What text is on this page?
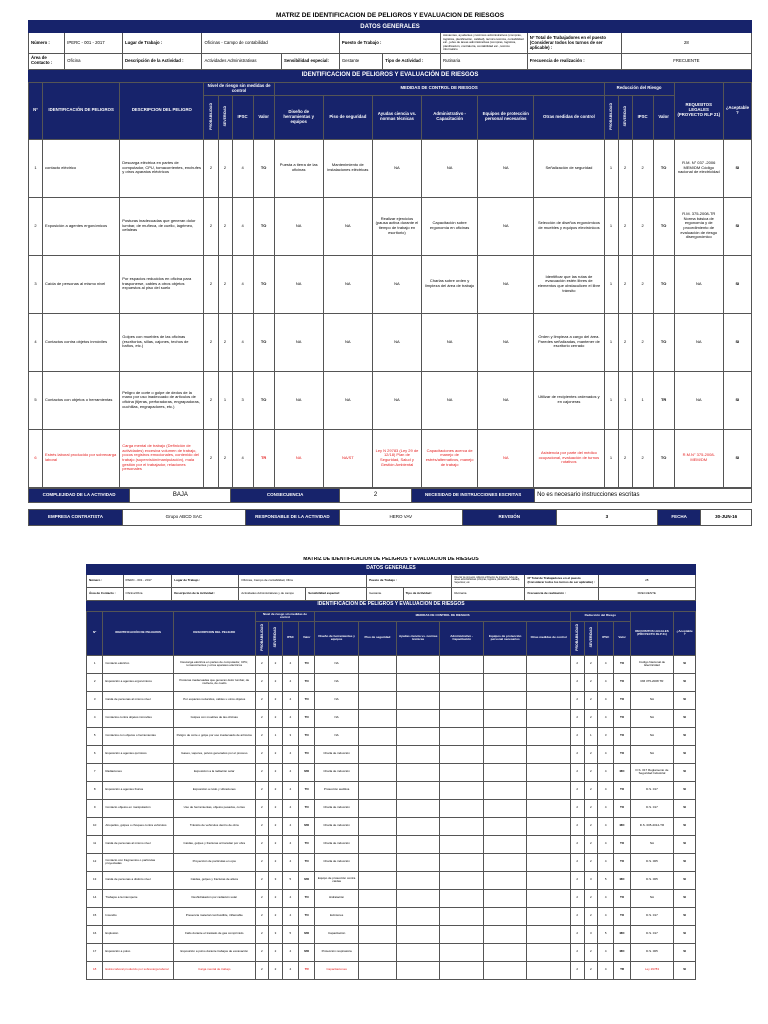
MATRIZ DE IDENTIFICACION DE PELIGROS Y EVALUACION DE RIESGOS									
DATOS GENERALES									
Número :	IPERC - 001 - 2017	Lugar de Trabajo :	Oficinas - Campo de contabilidad		Puesto de Trabajo :		Asistentes, ayudantes y técnicos administrativos (compras, logística, planificación, calidad), técnico técnica, contabilidad etc., jefes de áreas administrativas (compras, logística, planificación, contraloría, contabilidad etc., técnico informático	Nº Total de Trabajadores en el puesto (Considerar todos los turnos de ser aplicable) :	28
Área de Contacto :	Oficina	Descripción de la Actividad :	Actividades Administrativas	Sensibilidad especial:	Gestante	Tipo de Actividad :	Rutinaria	Frecuencia de realización :	FRECUENTE
IDENTIFICACION DE PELIGROS Y EVALUACIÓN DE RIESGOS									
Nº	IDENTIFICACIÓN DE PELIGROS	DESCRIPCION DEL PELIGRO	Nivel de riesgo sin medidas de control				MEDIDAS DE CONTROL DE RIESGOS						Reducción del Riesgo				REQUISITOS LEGALES (PROYECTO RLP 21)	¿Aceptable?
			PROBABILIDAD	SEVERIDAD	IPSC	Valor	Diseño de herramientas y equipos	Piso de seguridad	Ayudas ciencia vs. normas técnicas	Administrativo - Capacitación	Equipos de protección personal necesarios	Otras medidas de control	PROBABILIDAD	SEVERIDAD	IPSC	Valor		
1	contacto eléctrico	Descarga eléctrica en partes de computador, CPU, tomacorrientes, enchufes y otros aparatos eléctricos	2	2	4	TO	Puesta a tierra de las oficinas	Mantenimiento de instalaciones eléctricas	NA	NA	NA	Señalización de seguridad	1	2	2	TO	R.M. N° 037 -2006 MEM/DM Código nacional de electricidad	SI
2	Exposición a agentes ergonómicos	Posturas inadecuadas que generan dolor lumbar, de muñeca, de cuello, lagrimeo, cefaleas	2	2	4	TO	NA	NA	Realizar ejercicios (pausa activa durante el tiempo de trabajo en escritorio)	Capacitación sobre ergonomía en oficinas	NA	Selección de diseños ergonómicos de muebles y equipos electrónicos	1	2	2	TO	R.M. 375-2008-TR Norma básica de ergonomía y de procedimiento de evaluación de riesgo disergonómico	SI
3	Caída de personas al mismo nivel	Por espacios reducidos en oficina para trasponerse, cables a otros objetos expuestos al piso del suelo	2	2	4	TO	NA	NA	NA	Charlas sobre orden y limpieza del área de trabajo	NA	Identificar que las rutas de evacuación estén libres de elementos que obstaculicen el libre tránsito	1	2	2	TO	NA	SI
4	Contactos contra objetos inmóviles	Golpes con muebles de las oficinas (escritorios, sillas, cajones, techos de baños, etc.)	2	2	4	TO	NA	NA	NA	NA	NA	Orden y limpieza a cargo del área. Paredes señalizadas, mantener de escritorio cerrado	1	2	2	TO	NA	SI
5	Contactos con objetos o herramientas	Peligro de corte o golpe de dedos de la mano por uso inadecuado de artículos de oficina (tijeras, perforadoras, engrapadoras, cuchillas, engrapadores, etc.)	2	1	3	TO	NA	NA	NA	NA	NA	Utilizar de recipientes ordenados y en cajoneras	1	1	1	TR	NA	SI
6	Estrés laboral producido por sobrecarga laboral	Carga mental de trabajo (Definición de actividades) excesiva volumen de trabajo, pocos registros emocionales, contenido del trabajo (supervisión/manipulación), mala gestión por el trabajador, relaciones personales	2	2	4	TR	NA	NA/ST	Ley N 29783 (Ley 29 de 12/18) Plan de Seguridad, Salud y Gestión Ambiental	Capacitaciones acerca de manejo de estrés/alternativos, manejo de trabajo	NA	Asistencia por parte del médico ocupacional, evaluación de turnos rotativos	1	2	2	TO	R.M.N° 375-2008-MEM/DM	SI
COMPLEJIDAD DE LA ACTIVIDAD	BAJA	CONSECUENCIA	2	NECESIDAD DE INSTRUCCIONES ESCRITAS	No es necesario instrucciones escritas
EMPRESA CONTRATISTA	Grupo ABCD SAC	RESPONSABLE DE LA ACTIVIDAD	HERO VAV	REVISIÓN	3	FECHA	30-JUN-16
MATRIZ DE IDENTIFICACION DE PELIGROS Y EVALUACION DE RIESGOS									
DATOS GENERALES									
Número :	IPERC - 001 - 2017	Lugar de Trabajo :	Oficinas, Campo de contabilidad, Obra		Puesto de Trabajo :		Director de proyecto, Adjunto al Director de proyecto, Jefes de áreas administrativas (compras, logística, planificación, calidad), Supervisor, etc.	Nº Total de Trabajadores en el puesto (Considerar todos los turnos de ser aplicable) :	28
Área de Contacto :	Oficina/Obra	Descripción de la Actividad :	Actividades Administrativas y de campo	Sensibilidad especial:	Gestante	Tipo de Actividad :	Rutinaria	Frecuencia de realización :	FRECUENTE
IDENTIFICACION DE PELIGROS Y EVALUACIÓN DE RIESGOS									
Nº	IDENTIFICACIÓN DE PELIGROS	DESCRIPCION DEL PELIGRO	Nivel de riesgo sin medidas de control				MEDIDAS DE CONTROL DE RIESGOS						Reducción del Riesgo				REQUISITOS LEGALES (PROYECTO RLP 21)	¿Aceptable?
			PROBABILIDAD	SEVERIDAD	IPSC	Valor	Diseño de herramientas y equipos	Piso de seguridad	Ayudas ciencia vs. normas técnicas	Administrativo - Capacitación	Equipos de protección personal necesarios	Otras medidas de control	PROBABILIDAD	SEVERIDAD	IPSC	Valor		
1	Contacto eléctrico	Descarga eléctrica en partes de computador, CPU, tomacorrientes y otros aparatos eléctricos	2	2	4	TO	NA						2	2	4	TO	Código Nacional de Electricidad	SI
2	Exposición a agentes ergonómicos	Posturas inadecuadas que generan dolor lumbar, de muñeca, de cuello	2	2	4	TO	NA						2	2	4	TO	RM 375-2008 TR	SI
3	Caída de personas al mismo nivel	Por espacios reducidos, cables u otros objetos	2	2	4	TO	NA						2	2	4	TO	NA	SI
4	Contactos contra objetos inmóviles	Golpes con muebles de las oficinas	2	2	4	TO	NA						2	2	4	TO	NA	SI
5	Contactos con objetos o herramientas	Peligro de corte o golpe por uso inadecuado de artículos	2	1	3	TO	NA						2	1	3	TO	NA	SI
6	Exposición a agentes químicos	Gases, vapores, polvos generados por el proceso	2	2	4	TO	Charla de inducción						2	2	4	TO	NA	SI
7	Radiaciones	Exposición a la radiación solar	2	2	4	MO	Charla de inducción						2	2	4	MO	D.S. 017 Reglamento de Seguridad Industrial	SI
8	Exposición a agentes físicos	Exposición a ruido y vibraciones	2	2	4	TO	Protección auditiva						2	2	4	TO	D.S. 017	SI
9	Contacto objetos en manipulación	Uso de herramientas, objetos pesados, cortes	2	2	4	TO	Charla de inducción						2	2	4	TO	D.S. 017	SI
10	Atropellos, golpes o choques contra vehículos	Tránsito de vehículos dentro de obra	2	2	4	MO	Charla de inducción						2	2	4	MO	D.S. 005-2012-TR	SI
11	Caída de personas al mismo nivel	Caídas, golpes y fracturas al transitar por obra	2	2	4	TO	Charla de inducción						2	2	4	TO	NA	SI
12	Contacto con fragmentos o partículas proyectadas	Proyección de partículas en ojos	2	2	4	TO	Charla de inducción						2	2	4	TO	D.S. 005	SI
13	Caída de personas a distinto nivel	Caídas, golpes y fracturas de altura	2	3	5	MO	Equipo de protección contra caídas						2	3	5	MO	D.S. 005	SI
14	Trabajos a la intemperie	Deshidratación por radiación solar	2	2	4	TO	Hidratación						2	2	4	TO	NA	SI
15	Incendio	Presencia material combustible, inflamable	2	2	4	TO	Extintores						2	2	4	TO	D.S. 017	SI
16	Explosión	Fallo durante el traslado de gas comprimido	2	3	5	MO	Capacitación						2	3	5	MO	D.S. 017	SI
17	Exposición a polvo	Exposición a polvo durante trabajos de excavación	2	2	4	MO	Protección respiratoria						2	2	4	MO	D.S. 005	SI
18	Estrés laboral producido por sobrecarga laboral	Carga mental de trabajo	2	2	4	TR	Capacitaciones						2	2	4	TR	Ley 29783	SI
